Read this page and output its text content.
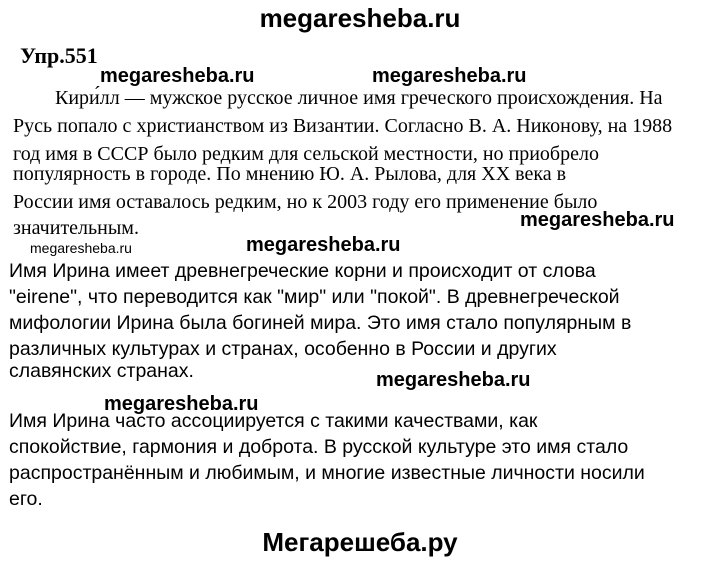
megaresheba.ru
Упр.551
Кири́лл — мужское русское личное имя греческого происхождения. На
Русь попало с христианством из Византии. Согласно В. А. Никонову, на 1988
год имя в СССР было редким для сельской местности, но приобрело
популярность в городе. По мнению Ю. А. Рылова, для XX века в
России имя оставалось редким, но к 2003 году его применение было
значительным.
Имя Ирина имеет древнегреческие корни и происходит от слова
"eirene", что переводится как "мир" или "покой". В древнегреческой
мифологии Ирина была богиней мира. Это имя стало популярным в
различных культурах и странах, особенно в России и других
славянских странах.
Имя Ирина часто ассоциируется с такими качествами, как
спокойствие, гармония и доброта. В русской культуре это имя стало
распространённым и любимым, и многие известные личности носили
его.
megaresheba.ru	megaresheba.ru
megaresheba.ru
megaresheba.ru	megaresheba.ru
megaresheba.ru
megaresheba.ru
Мегарешеба.ру
